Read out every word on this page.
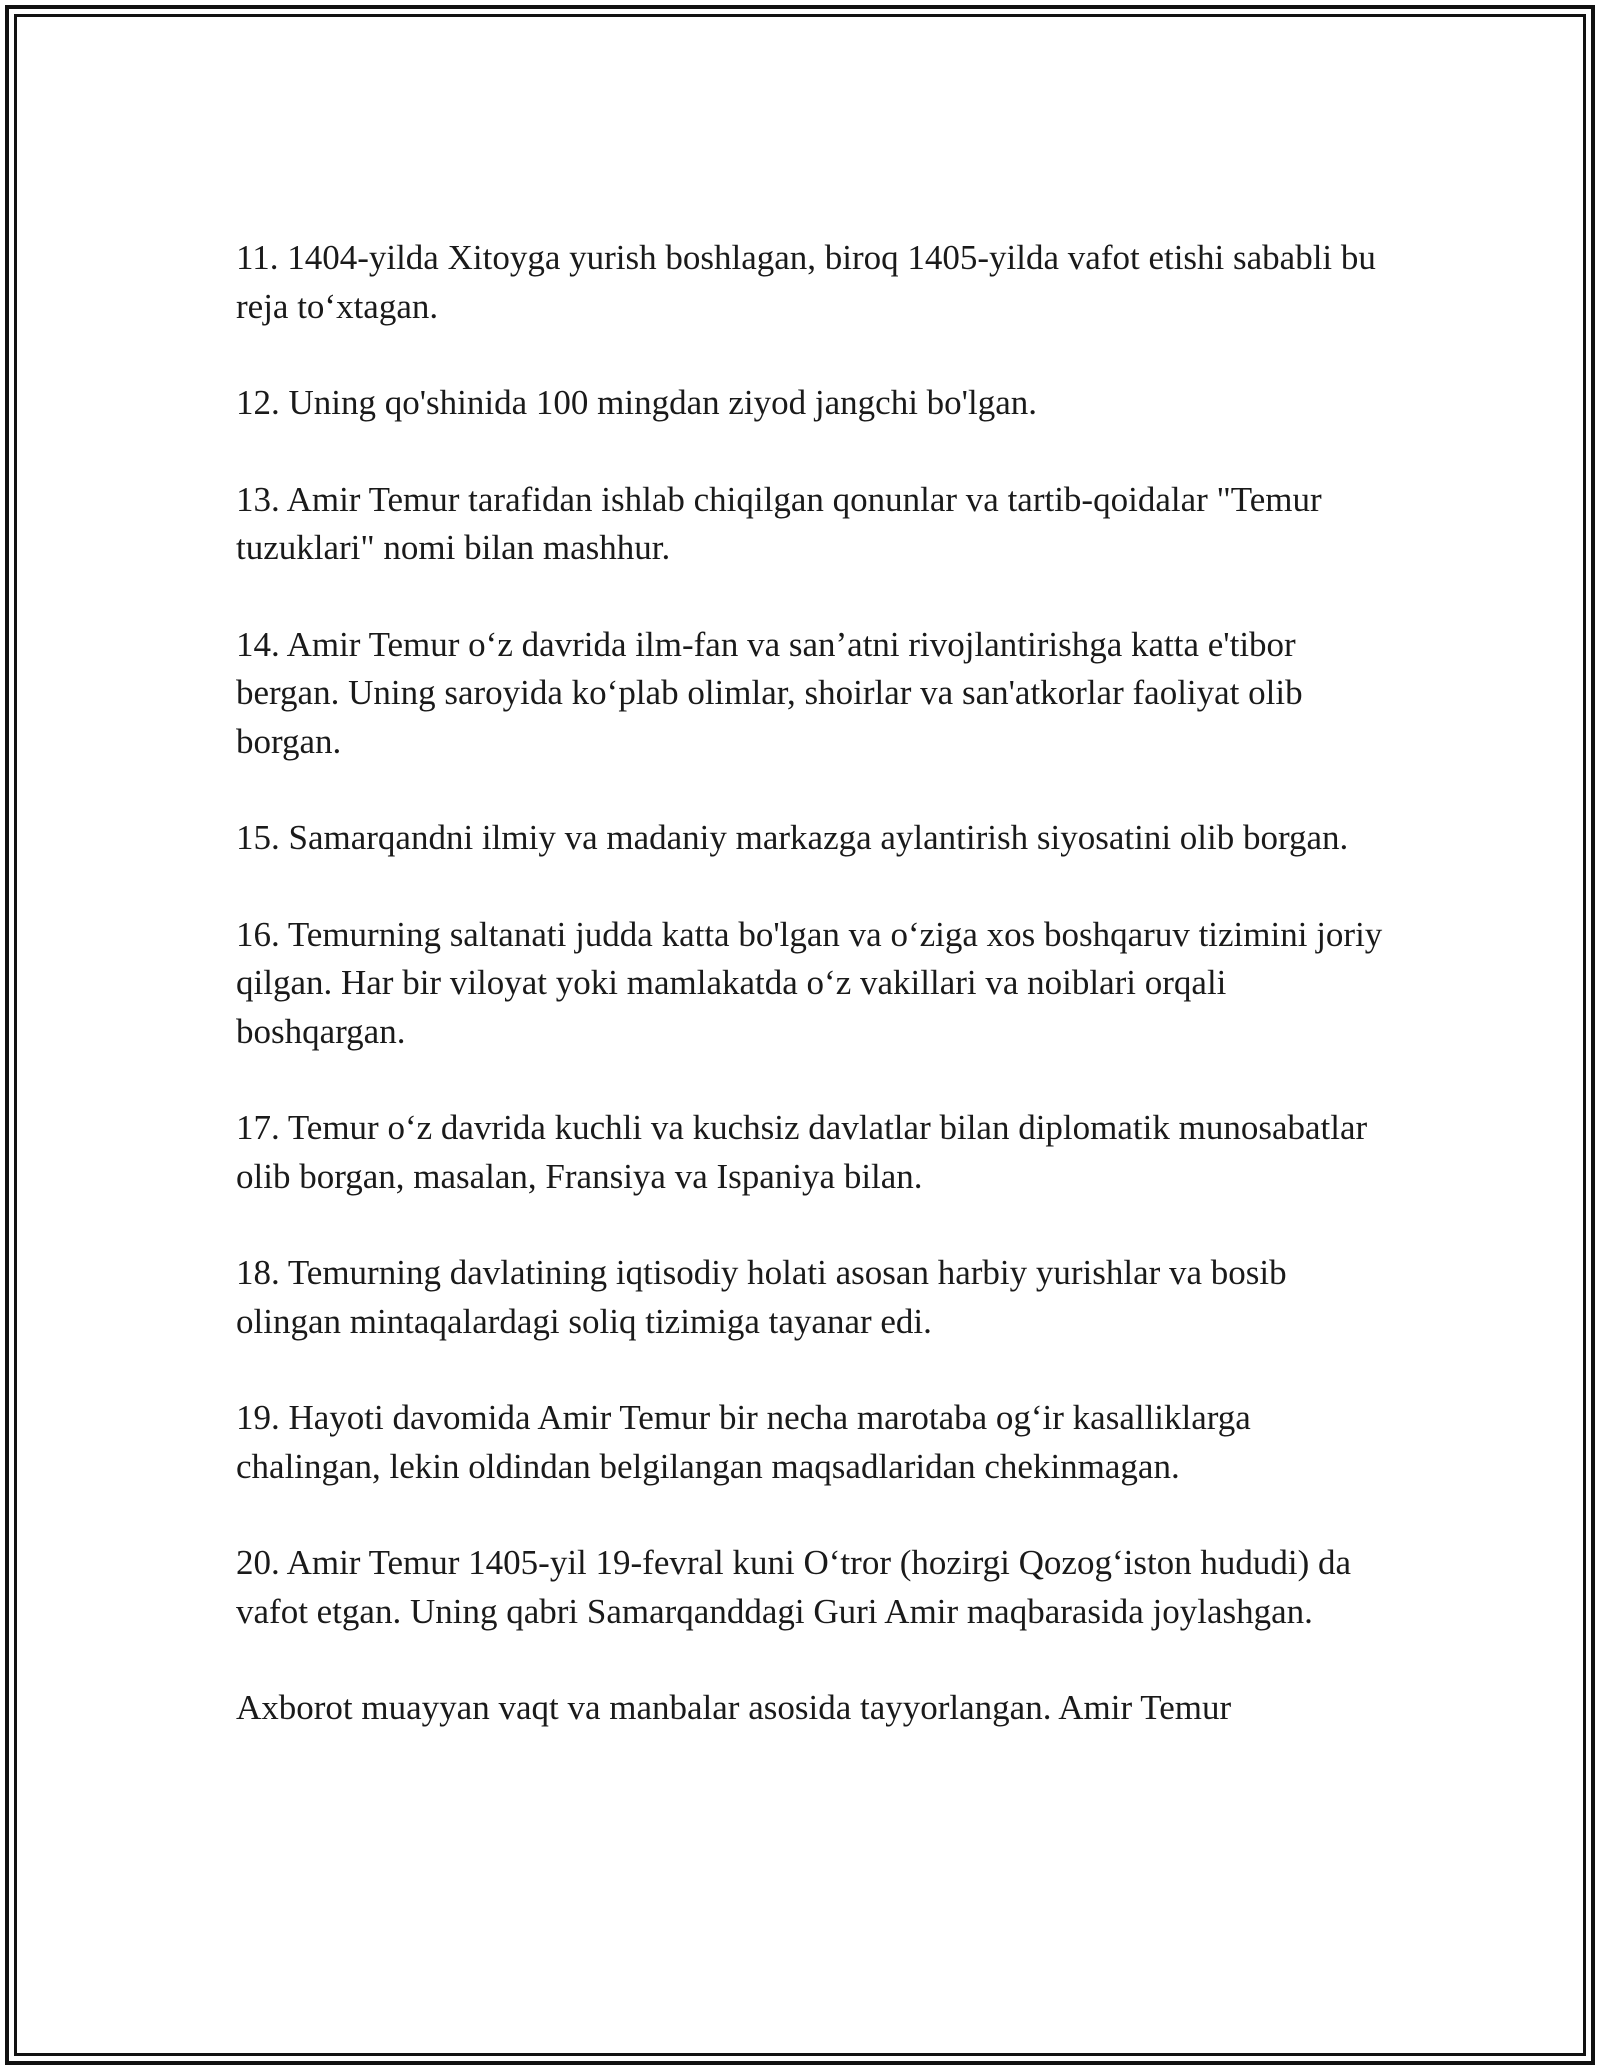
11. 1404-yilda Xitoyga yurish boshlagan, biroq 1405-yilda vafot etishi sababli bu reja to‘xtagan.

12. Uning qo'shinida 100 mingdan ziyod jangchi bo'lgan.

13. Amir Temur tarafidan ishlab chiqilgan qonunlar va tartib-qoidalar "Temur tuzuklari" nomi bilan mashhur.

14. Amir Temur o‘z davrida ilm-fan va san’atni rivojlantirishga katta e'tibor bergan. Uning saroyida ko‘plab olimlar, shoirlar va san'atkorlar faoliyat olib borgan.

15. Samarqandni ilmiy va madaniy markazga aylantirish siyosatini olib borgan.

16. Temurning saltanati judda katta bo'lgan va o‘ziga xos boshqaruv tizimini joriy qilgan. Har bir viloyat yoki mamlakatda o‘z vakillari va noiblari orqali boshqargan.

17. Temur o‘z davrida kuchli va kuchsiz davlatlar bilan diplomatik munosabatlar olib borgan, masalan, Fransiya va Ispaniya bilan.

18. Temurning davlatining iqtisodiy holati asosan harbiy yurishlar va bosib olingan mintaqalardagi soliq tizimiga tayanar edi.

19. Hayoti davomida Amir Temur bir necha marotaba og‘ir kasalliklarga chalingan, lekin oldindan belgilangan maqsadlaridan chekinmagan.

20. Amir Temur 1405-yil 19-fevral kuni O‘tror (hozirgi Qozog‘iston hududi) da vafot etgan. Uning qabri Samarqanddagi Guri Amir maqbarasida joylashgan.

Axborot muayyan vaqt va manbalar asosida tayyorlangan. Amir Temur
